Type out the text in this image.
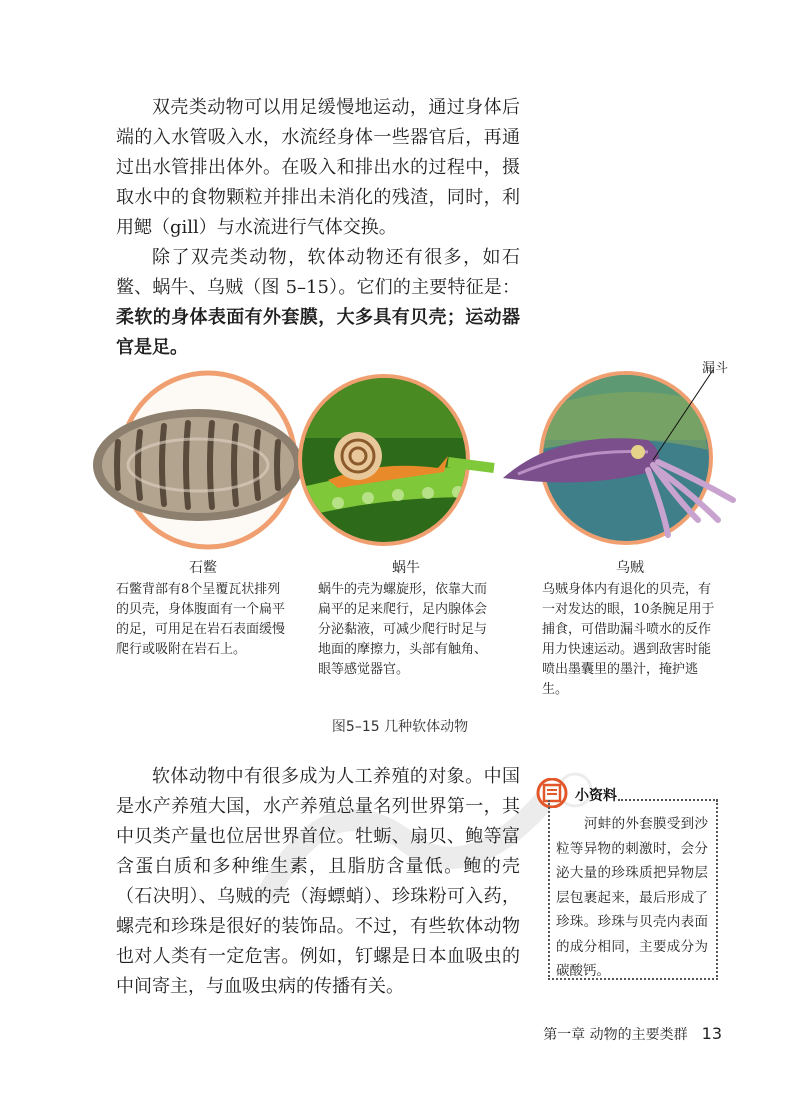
双壳类动物可以用足缓慢地运动，通过身体后端的入水管吸入水，水流经身体一些器官后，再通过出水管排出体外。在吸入和排出水的过程中，摄取水中的食物颗粒并排出未消化的残渣，同时，利用鳃（gill）与水流进行气体交换。
除了双壳类动物，软体动物还有很多，如石鳖、蜗牛、乌贼（图 5–15）。它们的主要特征是：柔软的身体表面有外套膜，大多具有贝壳；运动器官是足。
漏斗
石鳖
石鳖背部有8个呈覆瓦状排列的贝壳，身体腹面有一个扁平的足，可用足在岩石表面缓慢爬行或吸附在岩石上。
蜗牛
蜗牛的壳为螺旋形，依靠大而扁平的足来爬行，足内腺体会分泌黏液，可减少爬行时足与地面的摩擦力，头部有触角、眼等感觉器官。
乌贼
乌贼身体内有退化的贝壳，有一对发达的眼，10条腕足用于捕食，可借助漏斗喷水的反作用力快速运动。遇到敌害时能喷出墨囊里的墨汁，掩护逃生。
图5–15 几种软体动物
软体动物中有很多成为人工养殖的对象。中国是水产养殖大国，水产养殖总量名列世界第一，其中贝类产量也位居世界首位。牡蛎、扇贝、鲍等富含蛋白质和多种维生素，且脂肪含量低。鲍的壳（石决明）、乌贼的壳（海螵蛸）、珍珠粉可入药，螺壳和珍珠是很好的装饰品。不过，有些软体动物也对人类有一定危害。例如，钉螺是日本血吸虫的中间寄主，与血吸虫病的传播有关。
小资料
河蚌的外套膜受到沙粒等异物的刺激时，会分泌大量的珍珠质把异物层层包裹起来，最后形成了珍珠。珍珠与贝壳内表面的成分相同，主要成分为碳酸钙。
第一章 动物的主要类群 13
